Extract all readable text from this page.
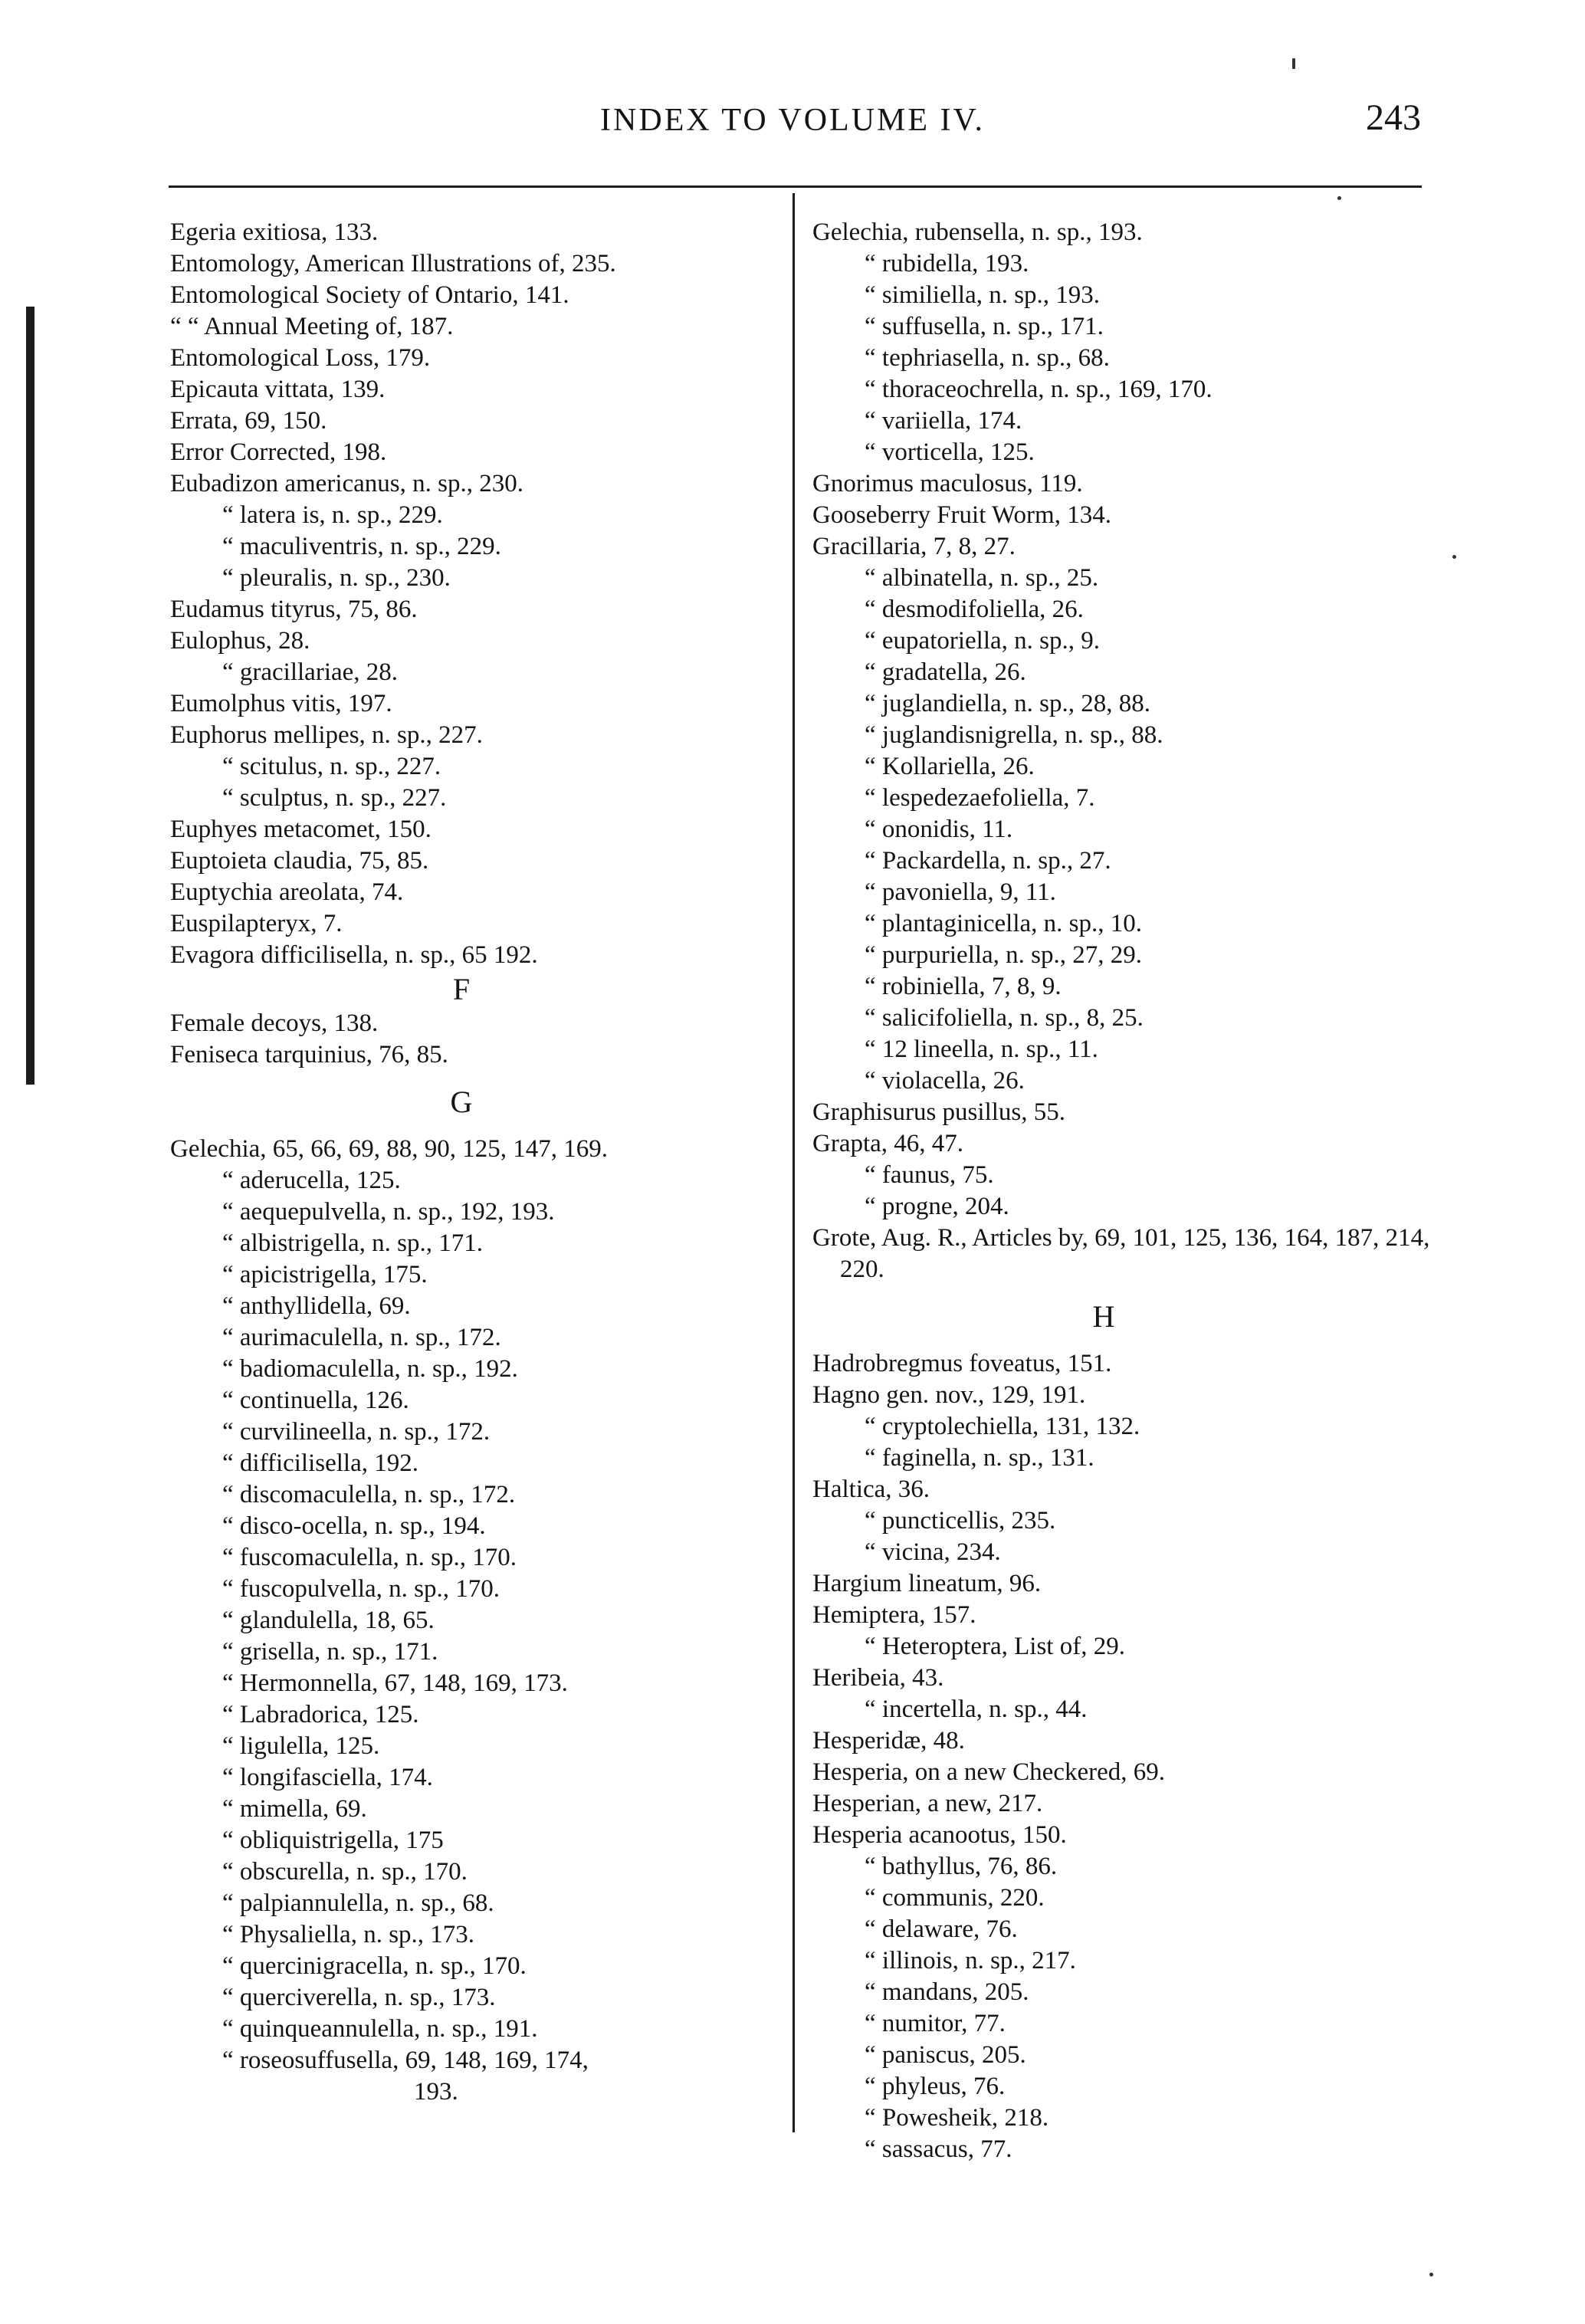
INDEX TO VOLUME IV.	243
Egeria exitiosa, 133.
Entomology, American Illustrations of, 235.
Entomological Society of Ontario, 141.
“ “ Annual Meeting of, 187.
Entomological Loss, 179.
Epicauta vittata, 139.
Errata, 69, 150.
Error Corrected, 198.
Eubadizon americanus, n. sp., 230.
“ latera is, n. sp., 229.
“ maculiventris, n. sp., 229.
“ pleuralis, n. sp., 230.
Eudamus tityrus, 75, 86.
Eulophus, 28.
“ gracillariae, 28.
Eumolphus vitis, 197.
Euphorus mellipes, n. sp., 227.
“ scitulus, n. sp., 227.
“ sculptus, n. sp., 227.
Euphyes metacomet, 150.
Euptoieta claudia, 75, 85.
Euptychia areolata, 74.
Euspilapteryx, 7.
Evagora difficilisella, n. sp., 65 192.
F
Female decoys, 138.
Feniseca tarquinius, 76, 85.
G
Gelechia, 65, 66, 69, 88, 90, 125, 147, 169.
“ aderucella, 125.
“ aequepulvella, n. sp., 192, 193.
“ albistrigella, n. sp., 171.
“ apicistrigella, 175.
“ anthyllidella, 69.
“ aurimaculella, n. sp., 172.
“ badiomaculella, n. sp., 192.
“ continuella, 126.
“ curvilineella, n. sp., 172.
“ difficilisella, 192.
“ discomaculella, n. sp., 172.
“ disco-ocella, n. sp., 194.
“ fuscomaculella, n. sp., 170.
“ fuscopulvella, n. sp., 170.
“ glandulella, 18, 65.
“ grisella, n. sp., 171.
“ Hermonnella, 67, 148, 169, 173.
“ Labradorica, 125.
“ ligulella, 125.
“ longifasciella, 174.
“ mimella, 69.
“ obliquistrigella, 175
“ obscurella, n. sp., 170.
“ palpiannulella, n. sp., 68.
“ Physaliella, n. sp., 173.
“ quercinigracella, n. sp., 170.
“ querciverella, n. sp., 173.
“ quinqueannulella, n. sp., 191.
“ roseosuffusella, 69, 148, 169, 174,
193.
Gelechia, rubensella, n. sp., 193.
“ rubidella, 193.
“ similiella, n. sp., 193.
“ suffusella, n. sp., 171.
“ tephriasella, n. sp., 68.
“ thoraceochrella, n. sp., 169, 170.
“ variiella, 174.
“ vorticella, 125.
Gnorimus maculosus, 119.
Gooseberry Fruit Worm, 134.
Gracillaria, 7, 8, 27.
“ albinatella, n. sp., 25.
“ desmodifoliella, 26.
“ eupatoriella, n. sp., 9.
“ gradatella, 26.
“ juglandiella, n. sp., 28, 88.
“ juglandisnigrella, n. sp., 88.
“ Kollariella, 26.
“ lespedezaefoliella, 7.
“ ononidis, 11.
“ Packardella, n. sp., 27.
“ pavoniella, 9, 11.
“ plantaginicella, n. sp., 10.
“ purpuriella, n. sp., 27, 29.
“ robiniella, 7, 8, 9.
“ salicifoliella, n. sp., 8, 25.
“ 12 lineella, n. sp., 11.
“ violacella, 26.
Graphisurus pusillus, 55.
Grapta, 46, 47.
“ faunus, 75.
“ progne, 204.
Grote, Aug. R., Articles by, 69, 101, 125, 136, 164, 187, 214, 220.
H
Hadrobregmus foveatus, 151.
Hagno gen. nov., 129, 191.
“ cryptolechiella, 131, 132.
“ faginella, n. sp., 131.
Haltica, 36.
“ puncticellis, 235.
“ vicina, 234.
Hargium lineatum, 96.
Hemiptera, 157.
“ Heteroptera, List of, 29.
Heribeia, 43.
“ incertella, n. sp., 44.
Hesperidæ, 48.
Hesperia, on a new Checkered, 69.
Hesperian, a new, 217.
Hesperia acanootus, 150.
“ bathyllus, 76, 86.
“ communis, 220.
“ delaware, 76.
“ illinois, n. sp., 217.
“ mandans, 205.
“ numitor, 77.
“ paniscus, 205.
“ phyleus, 76.
“ Powesheik, 218.
“ sassacus, 77.
